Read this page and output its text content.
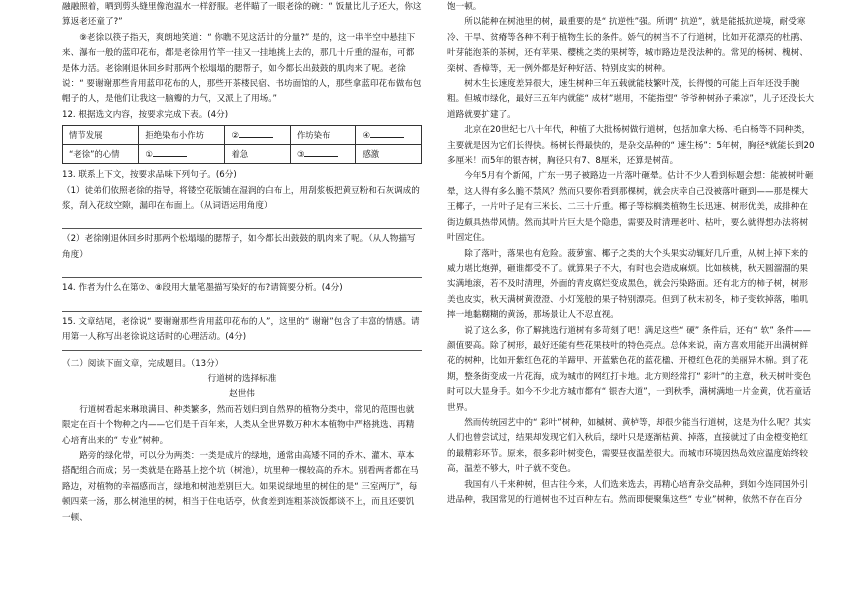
融融照着，晒到剪头缝里像泡温水一样舒服。老伴瞄了一眼老徐的碗：“ 饭量比儿子还大，你这算返老还童了?”

⑨老徐以筷子指天，爽朗地笑道：“ 你瞧不见这活计的分量?” 是的，这一串半空中悬挂下来、瀑布一般的蓝印花布，都是老徐用竹竿一挂又一挂地挑上去的，那几十斤重的湿布，可都是体力活。老徐刚退休回乡时那两个松塌塌的腮帮子，如今都长出鼓鼓的肌肉来了呢。老徐说：“ 要谢谢那些肯用蓝印花布的人，那些开茶楼民宿、书坊面馆的人，那些拿蓝印花布做布包帽子的人，是他们让我这一脑瓣的力气，又派上了用场。”

12. 根据选文内容，按要求完成下表。(4分)

情节发展	拒绝染布小作坊	②	作坊染布	④
“老徐”的心情	①	着急	③	感激

13. 联系上下文，按要求品味下列句子。(6分)

（1）徒弟们依照老徐的指导，将镂空花版铺在湿润的白布上，用刮浆板把黄豆粉和石灰调成的浆，刮入花纹空隙，漏印在布面上。（从词语运用角度）

（2）老徐刚退休回乡时那两个松塌塌的腮帮子，如今都长出鼓鼓的肌肉来了呢。（从人物描写角度）

14. 作者为什么在第⑦、⑧段用大量笔墨描写染好的布?请简要分析。(4分)

15. 文章结尾，老徐说“ 要谢谢那些肯用蓝印花布的人”，这里的“ 谢谢”包含了丰富的情感。请用第一人称写出老徐说这话时的心理活动。(4分)

（二）阅读下面文章，完成题目。（13分）

行道树的选择标准

赵世伟

行道树看起来琳琅满目、种类繁多，然而若划归到自然界的植物分类中，常见的范围也就限定在百十个物种之内——它们是千百年来，人类从全世界数万种木本植物中严格挑选、再精心培育出来的“ 专业”树种。

路旁的绿化带，可以分为两类：一类是成片的绿地，通常由高矮不同的乔木、灌木、草本搭配组合而成；另一类就是在路基上挖个坑（树池），坑里种一棵较高的乔木。别看两者都在马路边，对植物的幸福感而言，绿地和树池差别巨大。如果说绿地里的树住的是“ 三室两厅”，每顿四菜一汤，那么树池里的树，相当于住电话亭，伙食差到连粗茶淡饭都谈不上，而且还要饥一顿、

饱一顿。

所以能种在树池里的树，最重要的是“ 抗逆性”强。所谓“ 抗逆”，就是能抵抗逆境，耐受寒冷、干旱、贫瘠等各种不利于植物生长的条件。娇气的树当不了行道树，比如开花漂亮的杜鹃、叶芽能泡茶的茶树，还有苹果、樱桃之类的果树等，城市路边是没法种的。常见的杨树、槐树、栾树、香樟等，无一例外都是好种好活、特别皮实的树种。

树木生长速度差异很大，速生树种三年五载就能枝繁叶茂，长得慢的可能上百年还没手腕粗。但城市绿化，最好三五年内就能“ 成材”堪用，不能指望“ 爷爷种树孙子乘凉”，儿子还没长大道路就要扩建了。

北京在20世纪七八十年代，种植了大批杨树做行道树，包括加拿大杨、毛白杨等不同种类，主要就是因为它们长得快。杨树长得最快的，是杂交品种的“ 速生杨”：5年树，胸径*就能长到20多厘米！而5年的银杏树，胸径只有7、8厘米，还算是树苗。

今年5月有个新闻，广东一男子被路边一片落叶砸晕。估计不少人看到标题会想：能被树叶砸晕，这人得有多么脆不禁风？然而只要你看到那棵树，就会庆幸自己没被落叶砸到——那是棵大王椰子，一片叶子足有三米长、二三十斤重。椰子等棕榈类植物生长迅速、树形优美，成排种在街边颇具热带风情。然而其叶片巨大是个隐患，需要及时清理老叶、枯叶，要么就得想办法将树叶固定住。

除了落叶，落果也有危险。菠萝蜜、椰子之类的大个头果实动辄好几斤重，从树上掉下来的威力堪比炮弹，砸谁都受不了。就算果子不大，有时也会造成麻烦。比如核桃，秋天圆溜溜的果实满地滚，若不及时清理，外面的青皮腐烂变成黑色，就会污染路面。还有北方的柿子树，树形美也皮实，秋天满树黄澄澄、小灯笼般的果子特别漂亮。但到了秋末初冬，柿子变软掉落，啪叽摔一地黏糊糊的黄汤，那场景让人不忍直视。

说了这么多，你了解挑选行道树有多苛刻了吧！满足这些“ 硬” 条件后，还有“ 软” 条件——颜值要高。除了树形，最好还能有些花果枝叶的特色亮点。总体来说，南方喜欢用能开出满树鲜花的树种，比如开紫红色花的羊蹄甲、开蓝紫色花的蓝花楹、开橙红色花的美丽异木棉。到了花期，整条街变成一片花海，成为城市的网红打卡地。北方则经常打“ 彩叶”的主意，秋天树叶变色时可以大显身手。如今不少北方城市都有“ 银杏大道”，一到秋季，满树满地一片金黄，优若童话世界。

然而传统园艺中的“ 彩叶”树种，如槭树、黄栌等，却很少能当行道树，这是为什么呢？其实人们也曾尝试过，结果却发现它们入秋后，绿叶只是逐渐枯黄、掉落，直接就过了由金橙变艳红的最精彩环节。原来，很多彩叶树变色，需要昼夜温差很大。而城市环境因热岛效应温度始终较高，温差不够大，叶子就不变色。

我国有八千来种树，但古往今来，人们选来选去，再精心培育杂交品种，到如今连同国外引进品种，我国常见的行道树也不过百种左右。然而即便聚集这些“ 专业”树种，依然不存在百分
